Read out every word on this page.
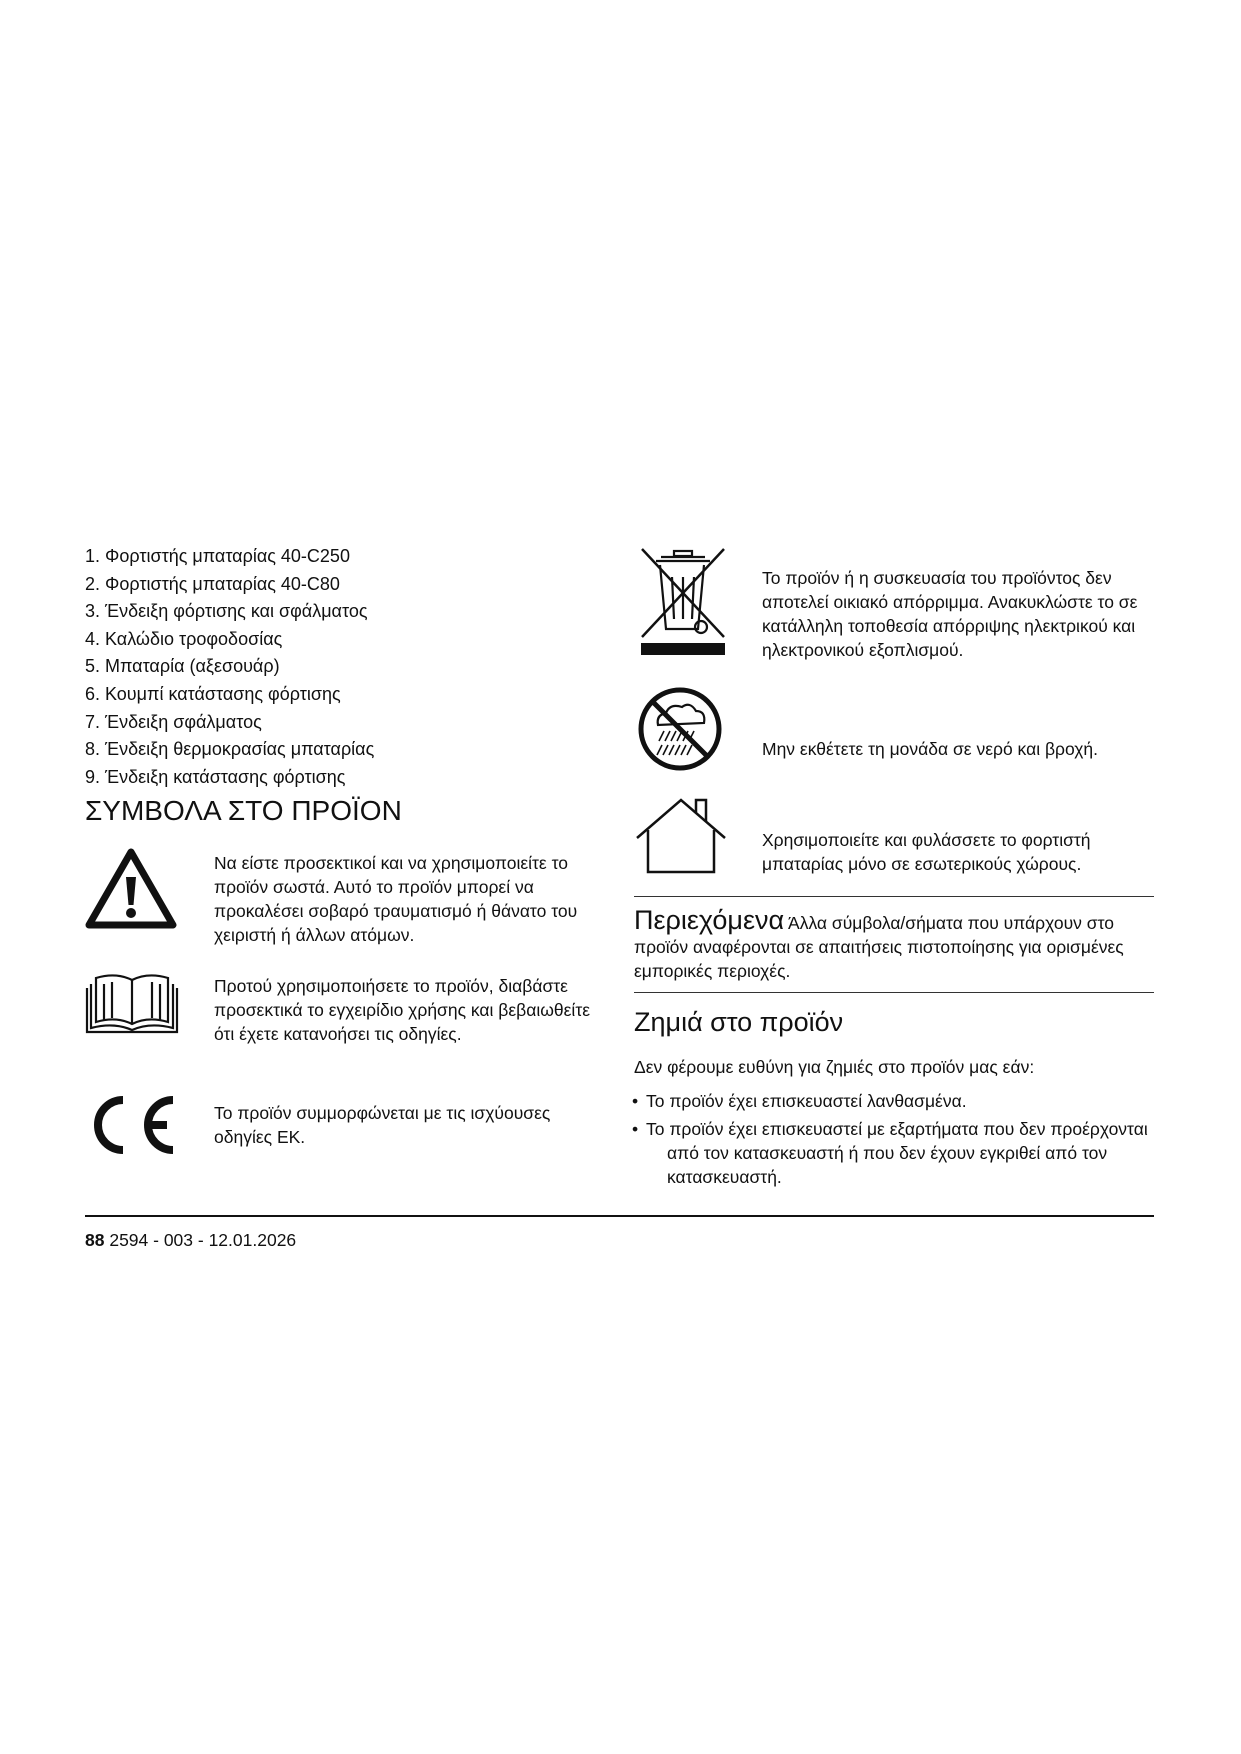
1. Φορτιστής μπαταρίας 40-C250
2. Φορτιστής μπαταρίας 40-C80
3. Ένδειξη φόρτισης και σφάλματος
4. Καλώδιο τροφοδοσίας
5. Μπαταρία (αξεσουάρ)
6. Κουμπί κατάστασης φόρτισης
7. Ένδειξη σφάλματος
8. Ένδειξη θερμοκρασίας μπαταρίας
9. Ένδειξη κατάστασης φόρτισης
ΣΥΜΒΟΛΑ ΣΤΟ ΠΡΟΪΟΝ

Να είστε προσεκτικοί και να χρησιμοποιείτε το προϊόν σωστά. Αυτό το προϊόν μπορεί να προκαλέσει σοβαρό τραυματισμό ή θάνατο του χειριστή ή άλλων ατόμων.

Προτού χρησιμοποιήσετε το προϊόν, διαβάστε προσεκτικά το εγχειρίδιο χρήσης και βεβαιωθείτε ότι έχετε κατανοήσει τις οδηγίες.

Το προϊόν συμμορφώνεται με τις ισχύουσες οδηγίες ΕΚ.

Το προϊόν ή η συσκευασία του προϊόντος δεν αποτελεί οικιακό απόρριμμα. Ανακυκλώστε το σε κατάλληλη τοποθεσία απόρριψης ηλεκτρικού και ηλεκτρονικού εξοπλισμού.

Μην εκθέτετε τη μονάδα σε νερό και βροχή.

Χρησιμοποιείτε και φυλάσσετε το φορτιστή μπαταρίας μόνο σε εσωτερικούς χώρους.

Περιεχόμενα Άλλα σύμβολα/σήματα που υπάρχουν στο προϊόν αναφέρονται σε απαιτήσεις πιστοποίησης για ορισμένες εμπορικές περιοχές.
Ζημιά στο προϊόν

Δεν φέρουμε ευθύνη για ζημιές στο προϊόν μας εάν:

• Το προϊόν έχει επισκευαστεί λανθασμένα.
• Το προϊόν έχει επισκευαστεί με εξαρτήματα που δεν προέρχονται από τον κατασκευαστή ή που δεν έχουν εγκριθεί από τον κατασκευαστή.
88 2594 - 003 - 12.01.2026
